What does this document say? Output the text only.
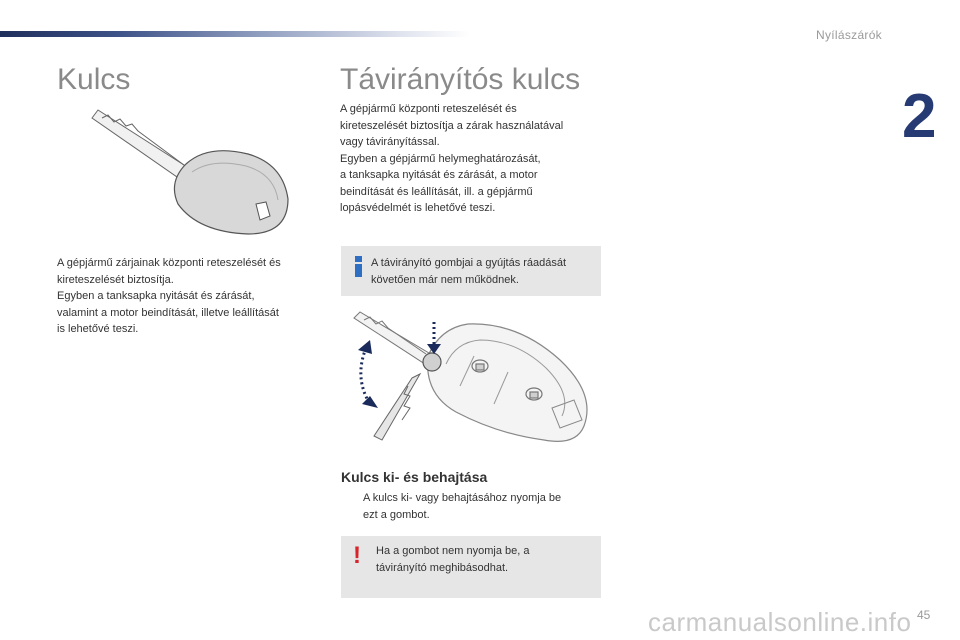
Nyílászárók
2
Kulcs

A gépjármű zárjainak központi reteszelését és

kireteszelését biztosítja.

Egyben a tanksapka nyitását és zárását,

valamint a motor beindítását, illetve leállítását

is lehetővé teszi.

Távirányítós kulcs

A gépjármű központi reteszelését és

kireteszelését biztosítja a zárak használatával

vagy távirányítással.

Egyben a gépjármű helymeghatározását,

a tanksapka nyitását és zárását, a motor

beindítását és leállítását, ill. a gépjármű

lopásvédelmét is lehetővé teszi.

A távirányító gombjai a gyújtás ráadását
követően már nem működnek.
Kulcs ki- és behajtása
A kulcs ki- vagy behajtásához nyomja be
ezt a gombot.
! Ha a gombot nem nyomja be, a
távirányító meghibásodhat.
carmanualsonline.info 45
